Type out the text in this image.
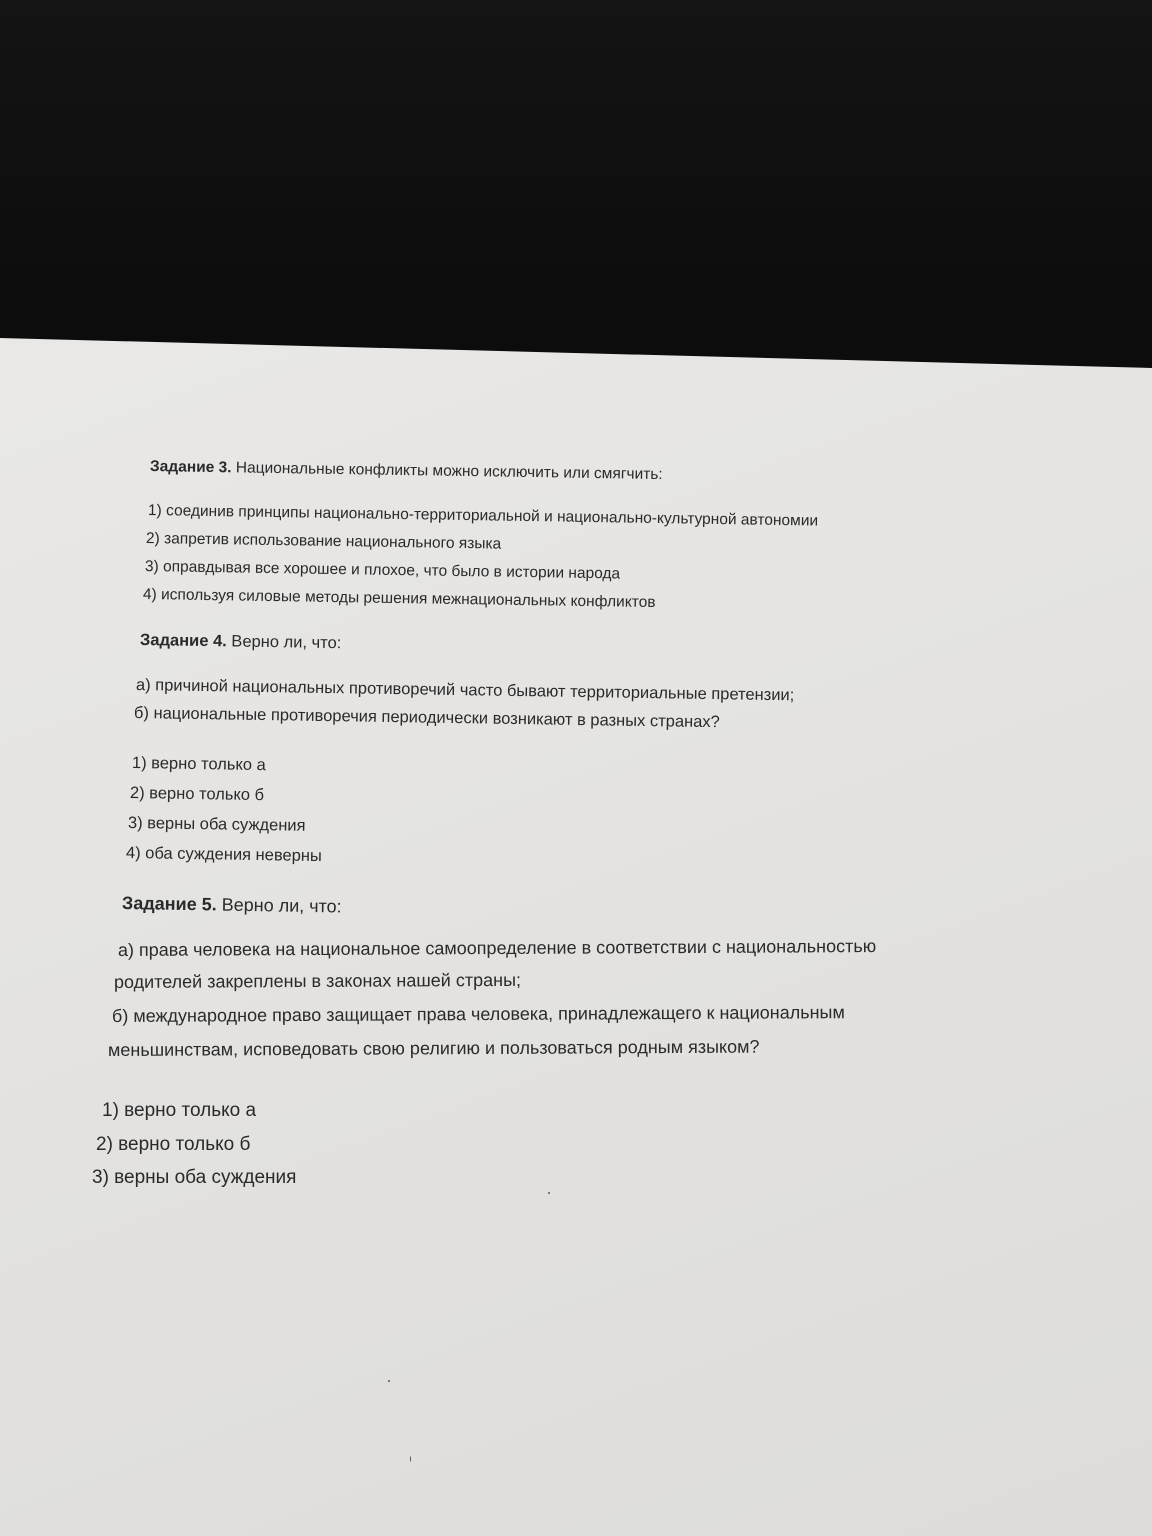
Задание 3. Национальные конфликты можно исключить или смягчить:
1) соединив принципы национально-территориальной и национально-культурной автономии
2) запретив использование национального языка
3) оправдывая все хорошее и плохое, что было в истории народа
4) используя силовые методы решения межнациональных конфликтов
Задание 4. Верно ли, что:
а) причиной национальных противоречий часто бывают территориальные претензии;
б) национальные противоречия периодически возникают в разных странах?
1) верно только а
2) верно только б
3) верны оба суждения
4) оба суждения неверны
Задание 5. Верно ли, что:
а) права человека на национальное самоопределение в соответствии с национальностью
родителей закреплены в законах нашей страны;
б) международное право защищает права человека, принадлежащего к национальным
меньшинствам, исповедовать свою религию и пользоваться родным языком?
1) верно только а
2) верно только б
3) верны оба суждения
